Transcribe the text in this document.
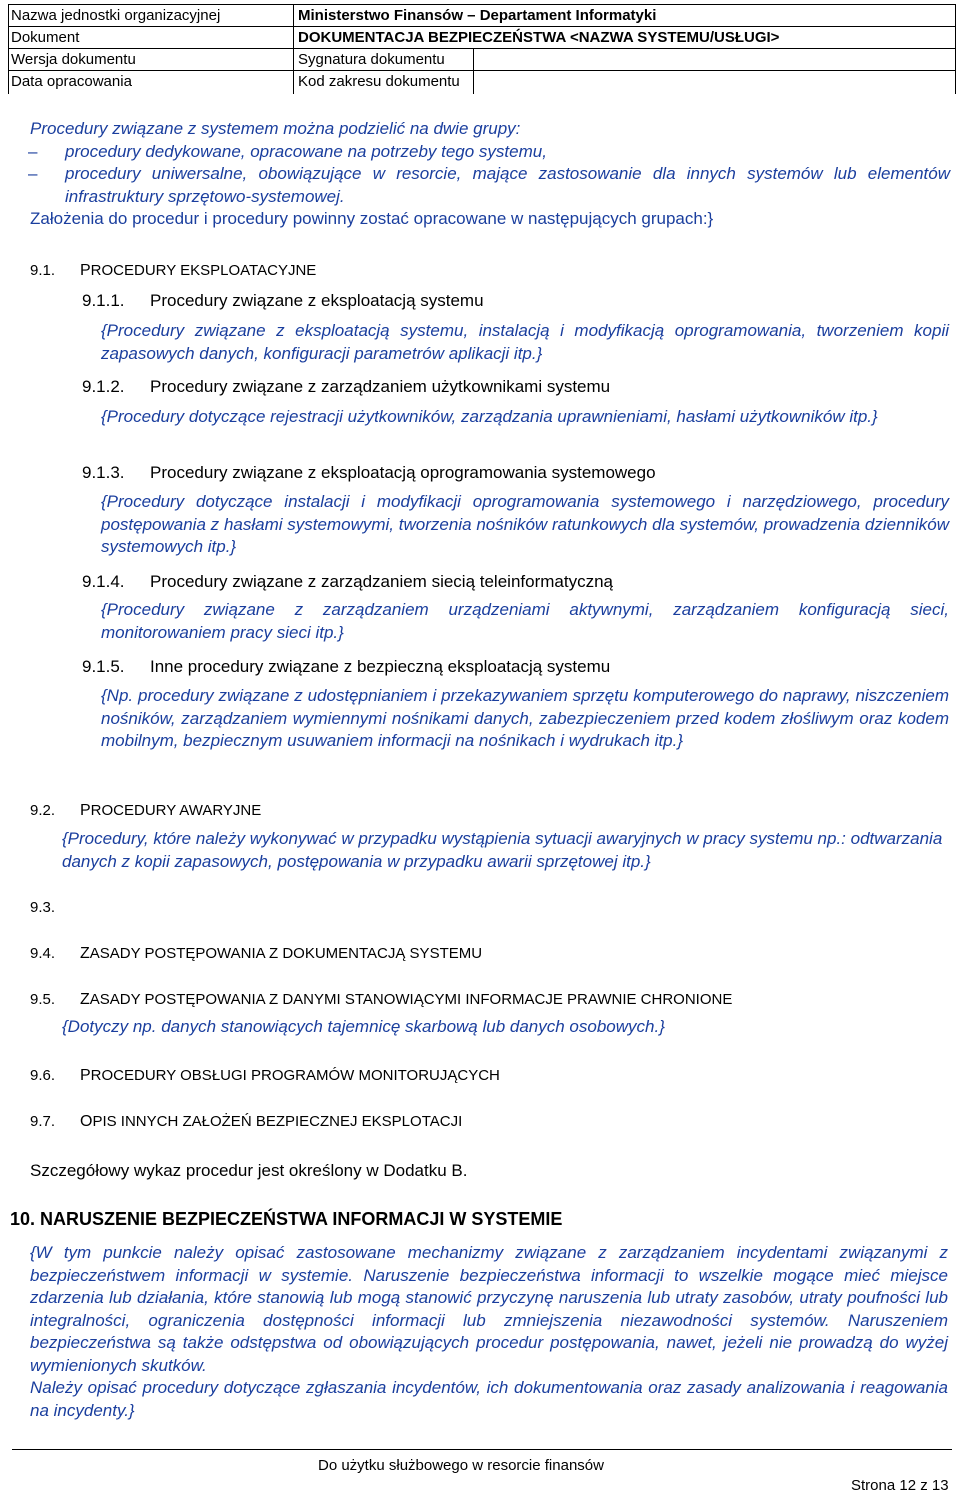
Nazwa jednostki organizacyjnej	Ministerstwo Finansów – Departament Informatyki
Dokument	DOKUMENTACJA BEZPIECZEŃSTWA <NAZWA SYSTEMU/USŁUGI>
Wersja dokumentu	Sygnatura dokumentu
Data opracowania	Kod zakresu dokumentu
Procedury związane z systemem można podzielić na dwie grupy:
– procedury dedykowane, opracowane na potrzeby tego systemu,
– procedury uniwersalne, obowiązujące w resorcie, mające zastosowanie dla innych systemów lub elementów infrastruktury sprzętowo-systemowej.
Założenia do procedur i procedury powinny zostać opracowane w następujących grupach:}
9.1. PROCEDURY EKSPLOATACYJNE
9.1.1. Procedury związane z eksploatacją systemu
{Procedury związane z eksploatacją systemu, instalacją i modyfikacją oprogramowania, tworzeniem kopii zapasowych danych, konfiguracji parametrów aplikacji itp.}
9.1.2. Procedury związane z zarządzaniem użytkownikami systemu
{Procedury dotyczące rejestracji użytkowników, zarządzania uprawnieniami, hasłami użytkowników itp.}
9.1.3. Procedury związane z eksploatacją oprogramowania systemowego
{Procedury dotyczące instalacji i modyfikacji oprogramowania systemowego i narzędziowego, procedury postępowania z hasłami systemowymi, tworzenia nośników ratunkowych dla systemów, prowadzenia dzienników systemowych itp.}
9.1.4. Procedury związane z zarządzaniem siecią teleinformatyczną
{Procedury związane z zarządzaniem urządzeniami aktywnymi, zarządzaniem konfiguracją sieci, monitorowaniem pracy sieci itp.}
9.1.5. Inne procedury związane z bezpieczną eksploatacją systemu
{Np. procedury związane z udostępnianiem i przekazywaniem sprzętu komputerowego do naprawy, niszczeniem nośników, zarządzaniem wymiennymi nośnikami danych, zabezpieczeniem przed kodem złośliwym oraz kodem mobilnym, bezpiecznym usuwaniem informacji na nośnikach i wydrukach itp.}
9.2. PROCEDURY AWARYJNE
{Procedury, które należy wykonywać w przypadku wystąpienia sytuacji awaryjnych w pracy systemu np.: odtwarzania danych z kopii zapasowych, postępowania w przypadku awarii sprzętowej itp.}
9.3.
9.4. ZASADY POSTĘPOWANIA Z DOKUMENTACJĄ SYSTEMU
9.5. ZASADY POSTĘPOWANIA Z DANYMI STANOWIĄCYMI INFORMACJE PRAWNIE CHRONIONE
{Dotyczy np. danych stanowiących tajemnicę skarbową lub danych osobowych.}
9.6. PROCEDURY OBSŁUGI PROGRAMÓW MONITORUJĄCYCH
9.7. OPIS INNYCH ZAŁOŻEŃ BEZPIECZNEJ EKSPLOTACJI
Szczegółowy wykaz procedur jest określony w Dodatku B.
10. NARUSZENIE BEZPIECZEŃSTWA INFORMACJI W SYSTEMIE
{W tym punkcie należy opisać zastosowane mechanizmy związane z zarządzaniem incydentami związanymi z bezpieczeństwem informacji w systemie. Naruszenie bezpieczeństwa informacji to wszelkie mogące mieć miejsce zdarzenia lub działania, które stanowią lub mogą stanowić przyczynę naruszenia lub utraty zasobów, utraty poufności lub integralności, ograniczenia dostępności informacji lub zmniejszenia niezawodności systemów. Naruszeniem bezpieczeństwa są także odstępstwa od obowiązujących procedur postępowania, nawet, jeżeli nie prowadzą do wyżej wymienionych skutków.
Należy opisać procedury dotyczące zgłaszania incydentów, ich dokumentowania oraz zasady analizowania i reagowania na incydenty.}
Do użytku służbowego w resorcie finansów
Strona 12 z 13
